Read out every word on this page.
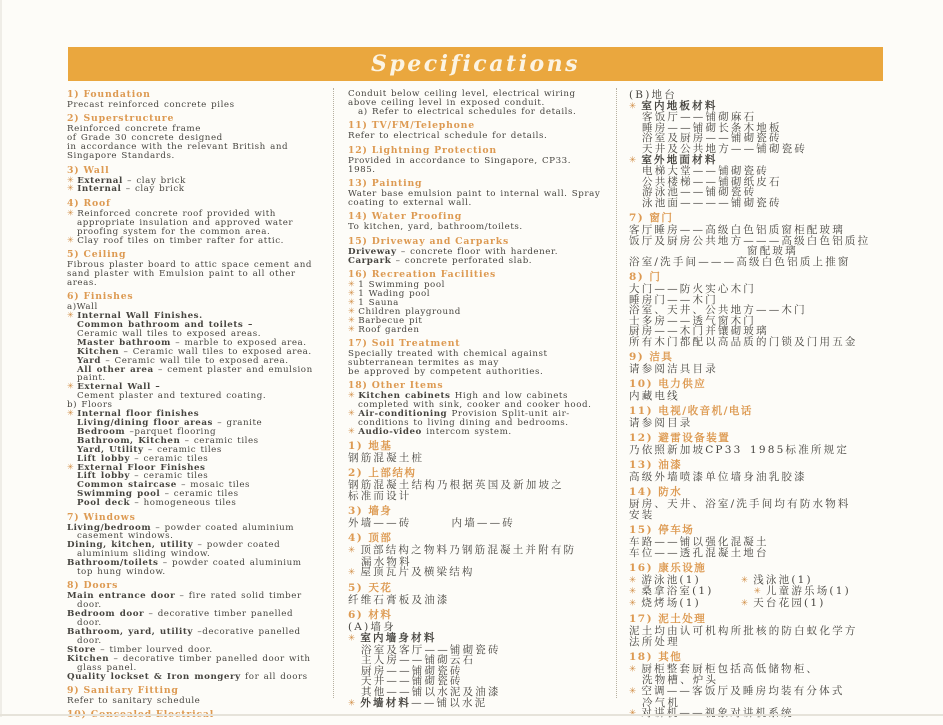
Specifications
1) Foundation
Precast reinforced concrete piles
2) Superstructure
Reinforced concrete frame
of Grade 30 concrete designed
in accordance with the relevant British and
Singapore Standards.
3) Wall
✳ External – clay brick
✳ Internal – clay brick
4) Roof
✳ Reinforced concrete roof provided with
appropriate insulation and approved water
proofing system for the common area.
✳ Clay roof tiles on timber rafter for attic.
5) Ceiling
Fibrous plaster board to attic space cement and
sand plaster with Emulsion paint to all other
areas.
6) Finishes
a)Wall
✳ Internal Wall Finishes.
Common bathroom and toilets –
Ceramic wall tiles to exposed areas.
Master bathroom – marble to exposed area.
Kitchen – Ceramic wall tiles to exposed area.
Yard – Ceramic wall tile to exposed area.
All other area – cement plaster and emulsion
paint.
✳ External Wall –
Cement plaster and textured coating.
b) Floors
✳ Internal floor finishes
Living/dining floor areas – granite
Bedroom –parquet flooring
Bathroom, Kitchen – ceramic tiles
Yard, Utility – ceramic tiles
Lift lobby – ceramic tiles
✳ External Floor Finishes
Lift lobby – ceramic tiles
Common staircase – mosaic tiles
Swimming pool – ceramic tiles
Pool deck – homogeneous tiles
7) Windows
Living/bedroom – powder coated aluminium
casement windows.
Dining, kitchen, utility – powder coated
aluminium sliding window.
Bathroom/toilets – powder coated aluminium
top hung window.
8) Doors
Main entrance door – fire rated solid timber
door.
Bedroom door – decorative timber panelled
door.
Bathroom, yard, utility –decorative panelled
door.
Store – timber lourved door.
Kitchen – decorative timber panelled door with
glass panel.
Quality lockset & Iron mongery for all doors
9) Sanitary Fitting
Refer to sanitary schedule
Conduit below ceiling level, electrical wiring
above ceiling level in exposed conduit.
a) Refer to electrical schedules for details.
11) TV/FM/Telephone
Refer to electrical schedule for details.
12) Lightning Protection
Provided in accordance to Singapore, CP33.
1985.
13) Painting
Water base emulsion paint to internal wall. Spray
coating to external wall.
14) Water Proofing
To kitchen, yard, bathroom/toilets.
15) Driveway and Carparks
Driveway – concrete floor with hardener.
Carpark – concrete perforated slab.
16) Recreation Facilities
✳ 1 Swimming pool
✳ 1 Wading pool
✳ 1 Sauna
✳ Children playground
✳ Barbecue pit
✳ Roof garden
17) Soil Treatment
Specially treated with chemical against
subterranean termites as may
be approved by competent authorities.
18) Other Items
✳ Kitchen cabinets High and low cabinets
completed with sink, cooker and cooker hood.
✳ Air-conditioning Provision Split-unit air-
conditions to living dining and bedrooms.
✳ Audio-video intercom system.
1) 地基
钢筋混凝土桩
2) 上部结构
钢筋混凝土结构乃根据英国及新加坡之
标准而设计
3) 墙身
外墙——砖	内墙——砖
4) 顶部
✳ 顶部结构之物料乃钢筋混凝土并附有防
漏水物料
✳ 屋顶瓦片及横梁结构
5) 天花
纤维石膏板及油漆
6) 材料
(A)墙身
✳ 室内墙身材料
浴室及客厅——铺砌瓷砖
主人房——铺砌云石
厨房——铺砌瓷砖
天井——铺砌瓷砖
其他——铺以水泥及油漆
✳ 外墙材料——铺以水泥
(B)地台
✳ 室内地板材料
客饭厅——铺砌麻石
睡房——铺砌长条木地板
浴室及厨房——铺砌瓷砖
天井及公共地方——铺砌瓷砖
✳ 室外地面材料
电梯大堂——铺砌瓷砖
公共楼梯——铺砌纸皮石
游泳池——铺砌瓷砖
泳池面————铺砌瓷砖
7) 窗门
客厅睡房——高级白色铝质窗柜配玻璃
饭厅及厨房公共地方———高级白色铝质拉
窗配玻璃
浴室/洗手间———高级白色铝质上推窗
8) 门
大门——防火实心木门
睡房门——木门
浴室、天井、公共地方——木门
士多房——透气窗木门
厨房——木门并镶砌玻璃
所有木门都配以高品质的门锁及门用五金
9) 洁具
请参阅洁具目录
10) 电力供应
内藏电线
11) 电视/收音机/电话
请参阅目录
12) 避雷设备装置
乃依照新加坡CP33 1985标准所规定
13) 油漆
高级外墙喷漆单位墙身油乳胶漆
14) 防水
厨房、天井、浴室/洗手间均有防水物料
安装
15) 停车场
车路——铺以强化混凝土
车位——透孔混凝土地台
16) 康乐设施
✳ 游泳池(1)	✳ 浅泳池(1)
✳ 桑拿浴室(1)	✳ 儿童游乐场(1)
✳ 烧烤场(1)	✳ 天台花园(1)
17) 泥土处理
泥土均由认可机构所批核的防白蚁化学方
法所处理
18) 其他
✳ 厨柜整套厨柜包括高低储物柜、
洗物槽、炉头
✳ 空调——客饭厅及睡房均装有分体式
冷气机
